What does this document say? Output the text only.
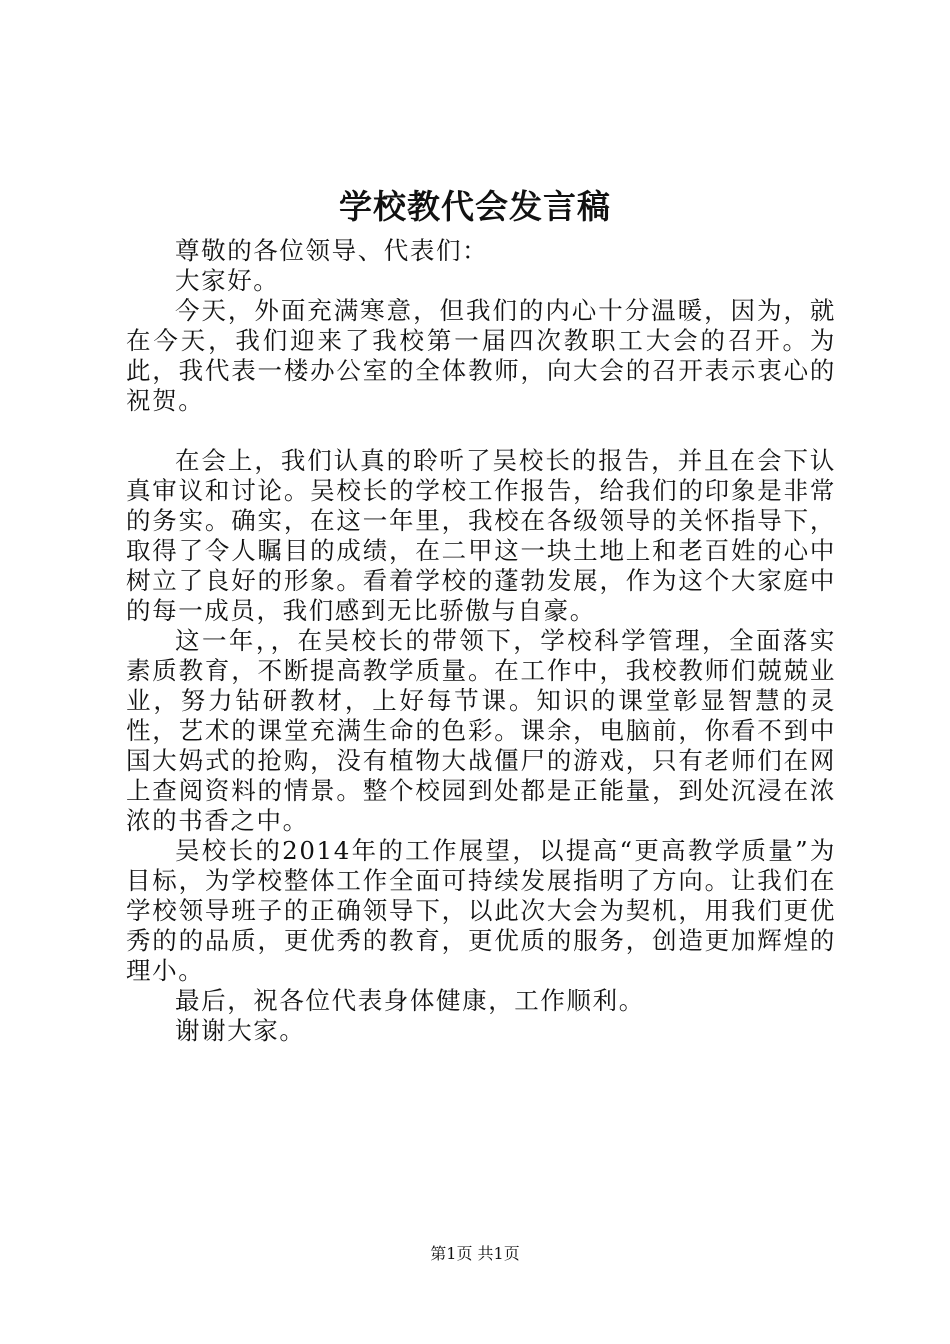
学校教代会发言稿

尊敬的各位领导、代表们：

大家好。

今天，外面充满寒意，但我们的内心十分温暖，因为，就在今天，我们迎来了我校第一届四次教职工大会的召开。为此，我代表一楼办公室的全体教师，向大会的召开表示衷心的祝贺。

在会上，我们认真的聆听了吴校长的报告，并且在会下认真审议和讨论。吴校长的学校工作报告，给我们的印象是非常的务实。确实，在这一年里，我校在各级领导的关怀指导下，取得了令人瞩目的成绩，在二甲这一块土地上和老百姓的心中树立了良好的形象。看着学校的蓬勃发展，作为这个大家庭中的每一成员，我们感到无比骄傲与自豪。

这一年，，在吴校长的带领下，学校科学管理，全面落实素质教育，不断提高教学质量。在工作中，我校教师们兢兢业业，努力钻研教材，上好每节课。知识的课堂彰显智慧的灵性，艺术的课堂充满生命的色彩。课余，电脑前，你看不到中国大妈式的抢购，没有植物大战僵尸的游戏，只有老师们在网上查阅资料的情景。整个校园到处都是正能量，到处沉浸在浓浓的书香之中。

吴校长的2014年的工作展望，以提高“更高教学质量”为目标，为学校整体工作全面可持续发展指明了方向。让我们在学校领导班子的正确领导下，以此次大会为契机，用我们更优秀的的品质，更优秀的教育，更优质的服务，创造更加辉煌的理小。

最后，祝各位代表身体健康，工作顺利。

谢谢大家。

第1页 共1页
